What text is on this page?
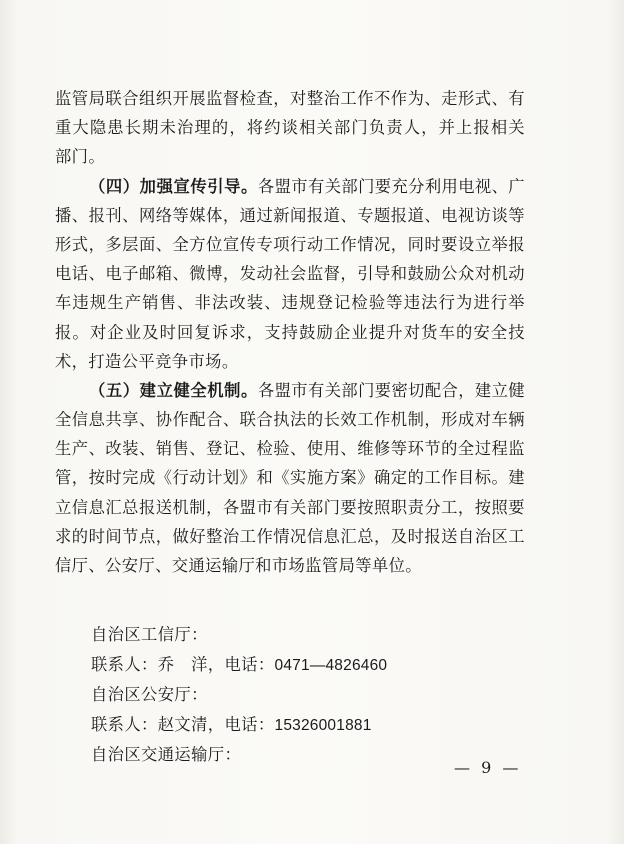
监管局联合组织开展监督检查，对整治工作不作为、走形式、有
重大隐患长期未治理的，将约谈相关部门负责人，并上报相关
部门。
（四）加强宣传引导。各盟市有关部门要充分利用电视、广
播、报刊、网络等媒体，通过新闻报道、专题报道、电视访谈等
形式，多层面、全方位宣传专项行动工作情况，同时要设立举报
电话、电子邮箱、微博，发动社会监督，引导和鼓励公众对机动
车违规生产销售、非法改装、违规登记检验等违法行为进行举
报。对企业及时回复诉求，支持鼓励企业提升对货车的安全技
术，打造公平竞争市场。
（五）建立健全机制。各盟市有关部门要密切配合，建立健
全信息共享、协作配合、联合执法的长效工作机制，形成对车辆
生产、改装、销售、登记、检验、使用、维修等环节的全过程监
管，按时完成《行动计划》和《实施方案》确定的工作目标。建
立信息汇总报送机制，各盟市有关部门要按照职责分工，按照要
求的时间节点，做好整治工作情况信息汇总，及时报送自治区工
信厅、公安厅、交通运输厅和市场监管局等单位。
自治区工信厅：
联系人：乔　洋，电话：0471—4826460
自治区公安厅：
联系人：赵文清，电话：15326001881
自治区交通运输厅：
— 9 —
